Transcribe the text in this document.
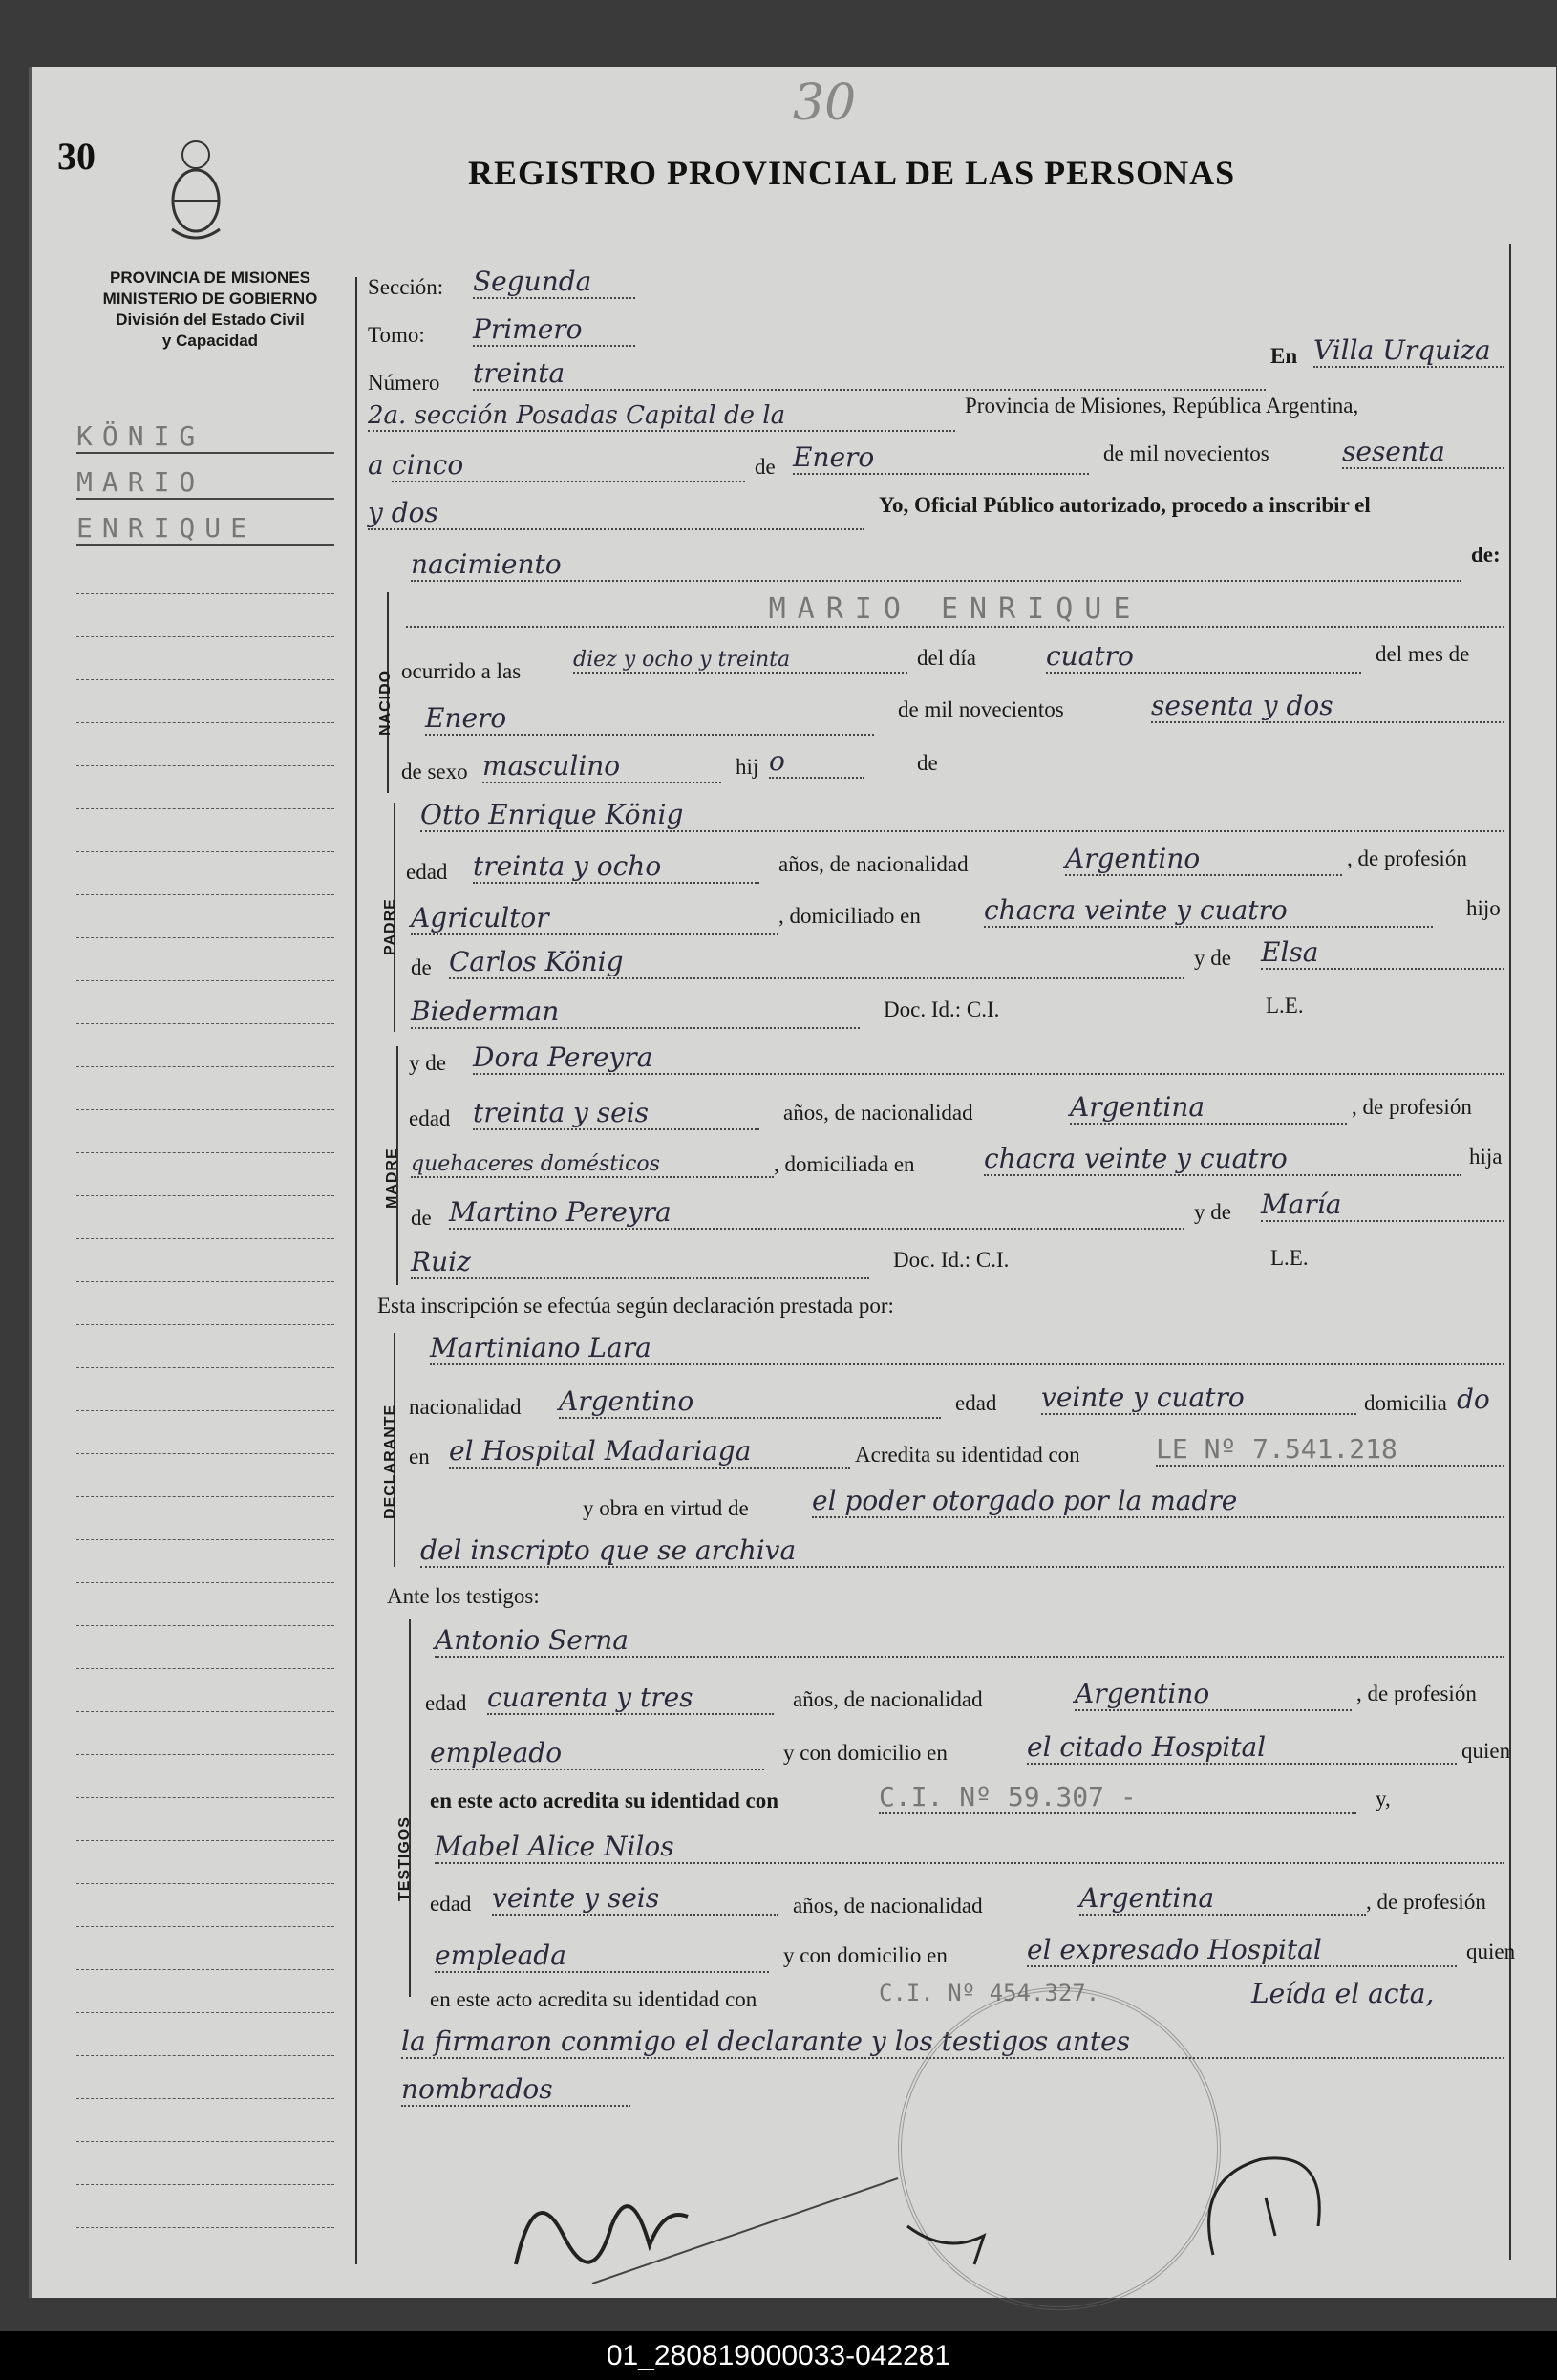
30
30
REGISTRO PROVINCIAL DE LAS PERSONAS
PROVINCIA DE MISIONES
MINISTERIO DE GOBIERNO
División del Estado Civil
y Capacidad
KÖNIG
MARIO
ENRIQUE
Sección: Segunda
Tomo: Primero
Número treinta
En Villa Urquiza
2a. sección Posadas Capital de la	Provincia de Misiones, República Argentina,
a cinco	de Enero	de mil novecientos	sesenta
y dos	Yo, Oficial Público autorizado, procedo a inscribir el
nacimiento	de:
NACIDO
MARIO ENRIQUE
ocurrido a las diez y ocho y treinta	del día	cuatro	del mes de
Enero	de mil novecientos	sesenta y dos
de sexo masculino	hij o	de
PADRE
Otto Enrique König
edad treinta y ocho	años, de nacionalidad	Argentino	, de profesión
Agricultor	, domiciliado en chacra veinte y cuatro	hijo
de Carlos König	y de Elsa
Biederman	Doc. Id.: C.I.	L.E.
MADRE
y de Dora Pereyra
edad treinta y seis	años, de nacionalidad	Argentina	, de profesión
quehaceres domésticos	, domiciliada en	chacra veinte y cuatro	hija
de Martino Pereyra	y de María
Ruiz	Doc. Id.: C.I.	L.E.
Esta inscripción se efectúa según declaración prestada por:
DECLARANTE
Martiniano Lara
nacionalidad Argentino	edad veinte y cuatro	domicilia do
en el Hospital Madariaga	Acredita su identidad con	LE Nº 7.541.218
y obra en virtud de el poder otorgado por la madre
del inscripto que se archiva
Ante los testigos:
TESTIGOS
Antonio Serna
edad cuarenta y tres	años, de nacionalidad	Argentino	, de profesión
empleado	y con domicilio en	el citado Hospital	quien
en este acto acredita su identidad con	C.I. Nº 59.307 -	y,
Mabel Alice Nilos
edad veinte y seis	años, de nacionalidad	Argentina	, de profesión
empleada	y con domicilio en	el expresado Hospital	quien
en este acto acredita su identidad con	C.I. Nº 454.327.	Leída el acta,
la firmaron conmigo el declarante y los testigos antes
nombrados
01_280819000033-042281
